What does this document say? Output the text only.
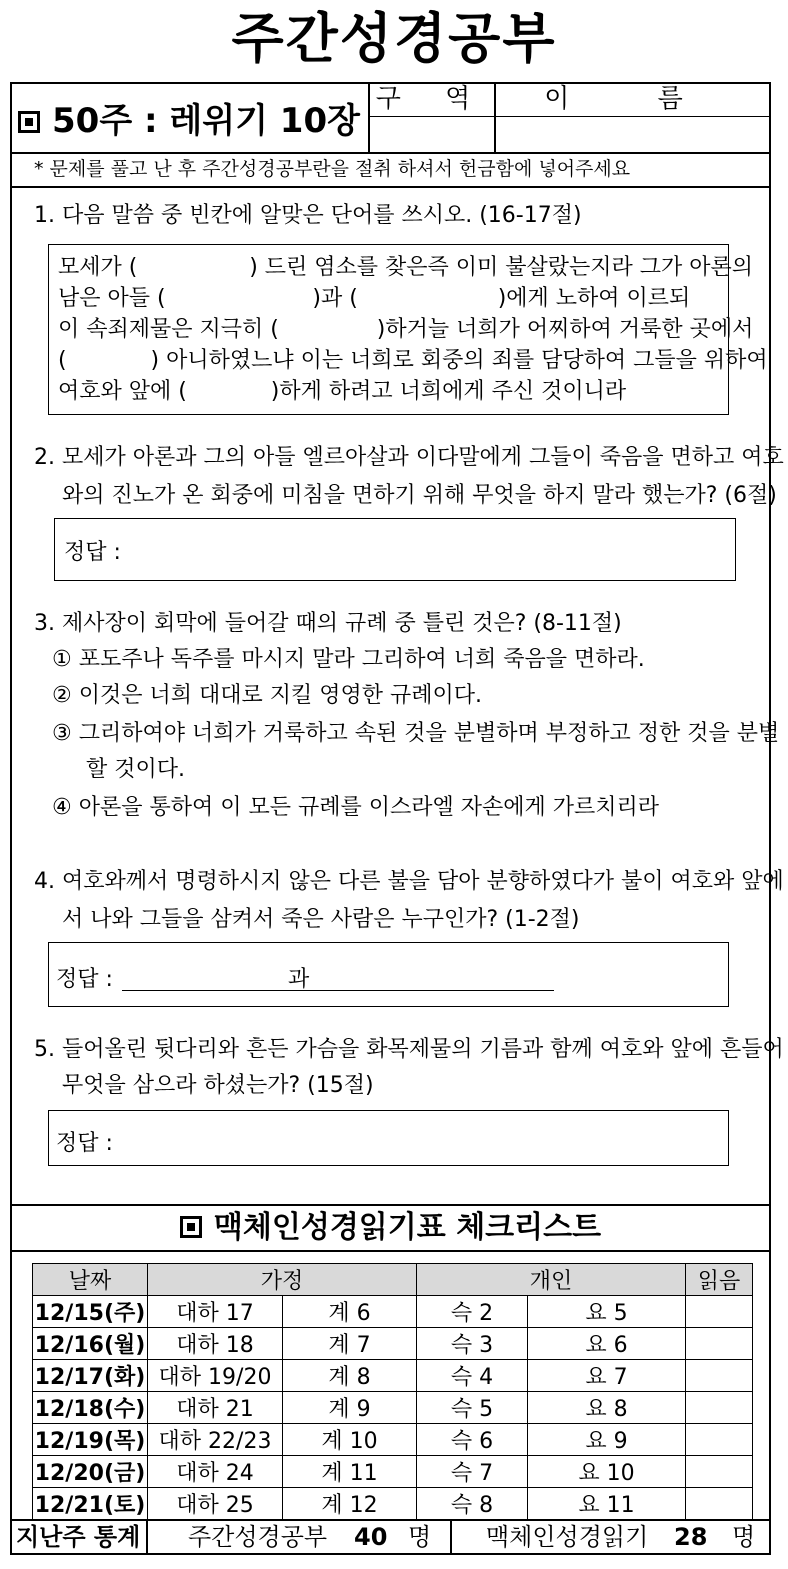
주간성경공부
50주 : 레위기 10장
구 역	이 름
* 문제를 풀고 난 후 주간성경공부란을 절취 하셔서 헌금함에 넣어주세요
1. 다음 말씀 중 빈칸에 알맞은 단어를 쓰시오. (16-17절)
모세가 (                ) 드린 염소를 찾은즉 이미 불살랐는지라 그가 아론의
남은 아들 (                     )과 (                    )에게 노하여 이르되
이 속죄제물은 지극히 (              )하거늘 너희가 어찌하여 거룩한 곳에서
(            ) 아니하였느냐 이는 너희로 회중의 죄를 담당하여 그들을 위하여
여호와 앞에 (            )하게 하려고 너희에게 주신 것이니라
2. 모세가 아론과 그의 아들 엘르아살과 이다말에게 그들이 죽음을 면하고 여호
와의 진노가 온 회중에 미침을 면하기 위해 무엇을 하지 말라 했는가? (6절)
정답 :
3. 제사장이 회막에 들어갈 때의 규례 중 틀린 것은? (8-11절)
① 포도주나 독주를 마시지 말라 그리하여 너희 죽음을 면하라.
② 이것은 너희 대대로 지킬 영영한 규례이다.
③ 그리하여야 너희가 거룩하고 속된 것을 분별하며 부정하고 정한 것을 분별
할 것이다.
④ 아론을 통하여 이 모든 규례를 이스라엘 자손에게 가르치리라
4. 여호와께서 명령하시지 않은 다른 불을 담아 분향하였다가 불이 여호와 앞에
서 나와 그들을 삼켜서 죽은 사람은 누구인가? (1-2절)
정답 :	과
5. 들어올린 뒷다리와 흔든 가슴을 화목제물의 기름과 함께 여호와 앞에 흔들어
무엇을 삼으라 하셨는가? (15절)
정답 :
맥체인성경읽기표 체크리스트
날짜	가정		개인		읽음
12/15(주)	대하 17	계 6	슥 2	요 5	
12/16(월)	대하 18	계 7	슥 3	요 6	
12/17(화)	대하 19/20	계 8	슥 4	요 7	
12/18(수)	대하 21	계 9	슥 5	요 8	
12/19(목)	대하 22/23	계 10	슥 6	요 9	
12/20(금)	대하 24	계 11	슥 7	요 10	
12/21(토)	대하 25	계 12	슥 8	요 11	
지난주 통계 주간성경공부 40 명 맥체인성경읽기 28 명
